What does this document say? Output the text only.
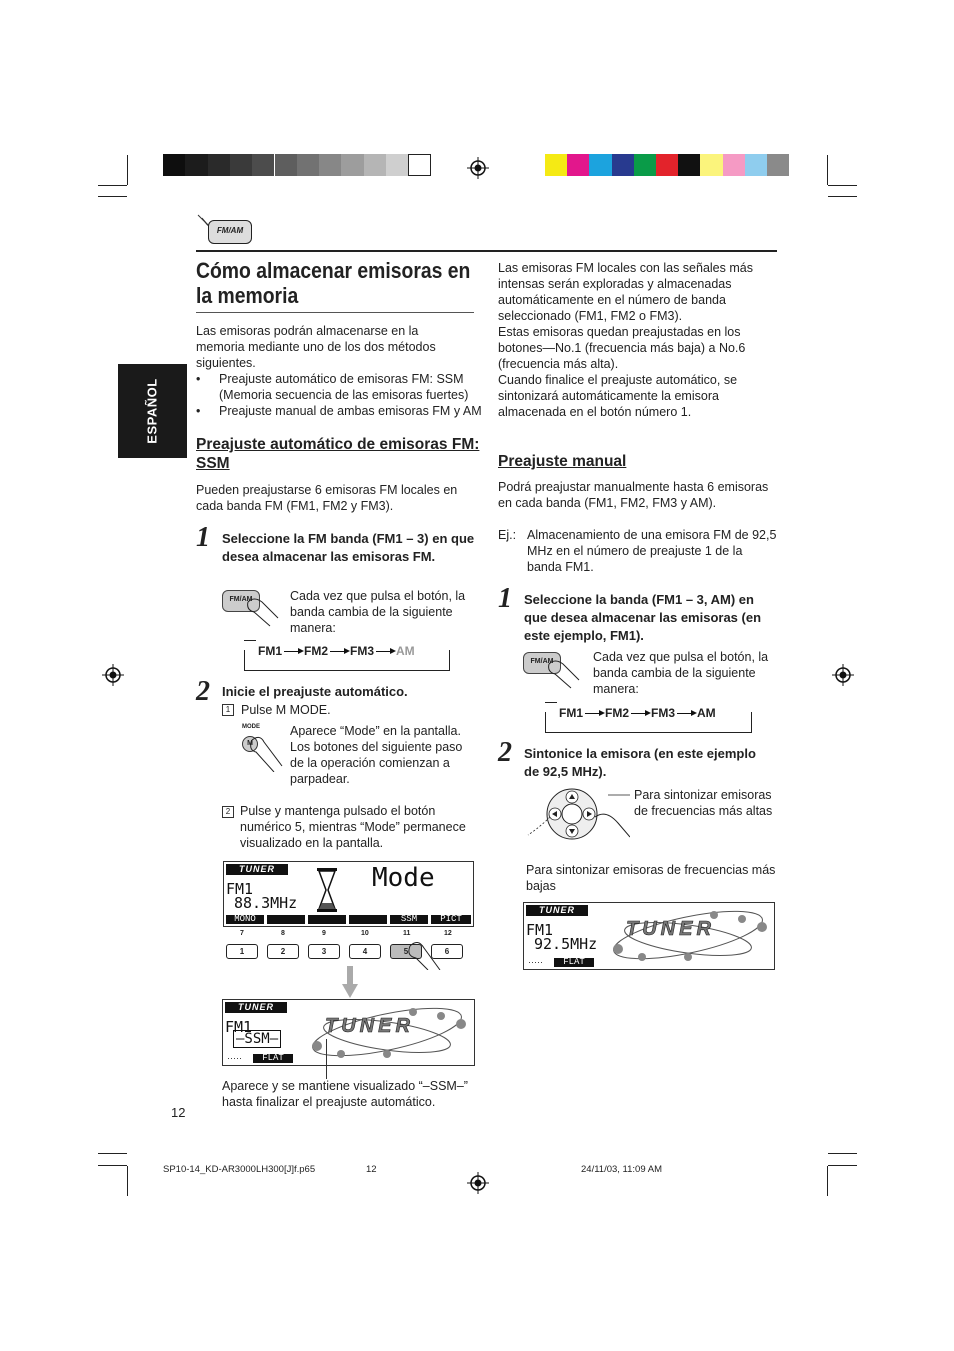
FM/AM
ESPAÑOL
Cómo almacenar emisoras en la memoria
Las emisoras podrán almacenarse en la memoria mediante uno de los dos métodos siguientes.
• Preajuste automático de emisoras FM: SSM (Memoria secuencia de las emisoras fuertes)
• Preajuste manual de ambas emisoras FM y AM
Preajuste automático de emisoras FM: SSM
Pueden preajustarse 6 emisoras FM locales en cada banda FM (FM1, FM2 y FM3).
1 Seleccione la FM banda (FM1 – 3) en que desea almacenar las emisoras FM.
FM/AM	Cada vez que pulsa el botón, la banda cambia de la siguiente manera:
FM1 FM2 FM3 AM
2 Inicie el preajuste automático.
1 Pulse M MODE.
MODE
M
Aparece “Mode” en la pantalla. Los botones del siguiente paso de la operación comienzan a parpadear.
2 Pulse y mantenga pulsado el botón numérico 5, mientras “Mode” permanece visualizado en la pantalla.
TUNER
FM1
88.3MHz
Mode
MONO	SSM	PICT
7	8	9	10	11	12
1	2	3	4	5	6
TUNER
FM1
–SSM–
·····	FLAT
TUNER
Aparece y se mantiene visualizado “–SSM–” hasta finalizar el preajuste automático.
12
Las emisoras FM locales con las señales más intensas serán exploradas y almacenadas automáticamente en el número de banda seleccionado (FM1, FM2 o FM3).
Estas emisoras quedan preajustadas en los botones—No.1 (frecuencia más baja) a No.6 (frecuencia más alta).
Cuando finalice el preajuste automático, se sintonizará automáticamente la emisora almacenada en el botón número 1.
Preajuste manual
Podrá preajustar manualmente hasta 6 emisoras en cada banda (FM1, FM2, FM3 y AM).
Ej.: Almacenamiento de una emisora FM de 92,5 MHz en el número de preajuste 1 de la banda FM1.
1 Seleccione la banda (FM1 – 3, AM) en que desea almacenar las emisoras (en este ejemplo, FM1).
FM/AM	Cada vez que pulsa el botón, la banda cambia de la siguiente manera:
FM1 FM2 FM3 AM
2 Sintonice la emisora (en este ejemplo de 92,5 MHz).
Para sintonizar emisoras de frecuencias más altas
Para sintonizar emisoras de frecuencias más bajas
TUNER
FM1
92.5MHz
·····	FLAT
TUNER
SP10-14_KD-AR3000LH300[J]f.p65	12	24/11/03, 11:09 AM
